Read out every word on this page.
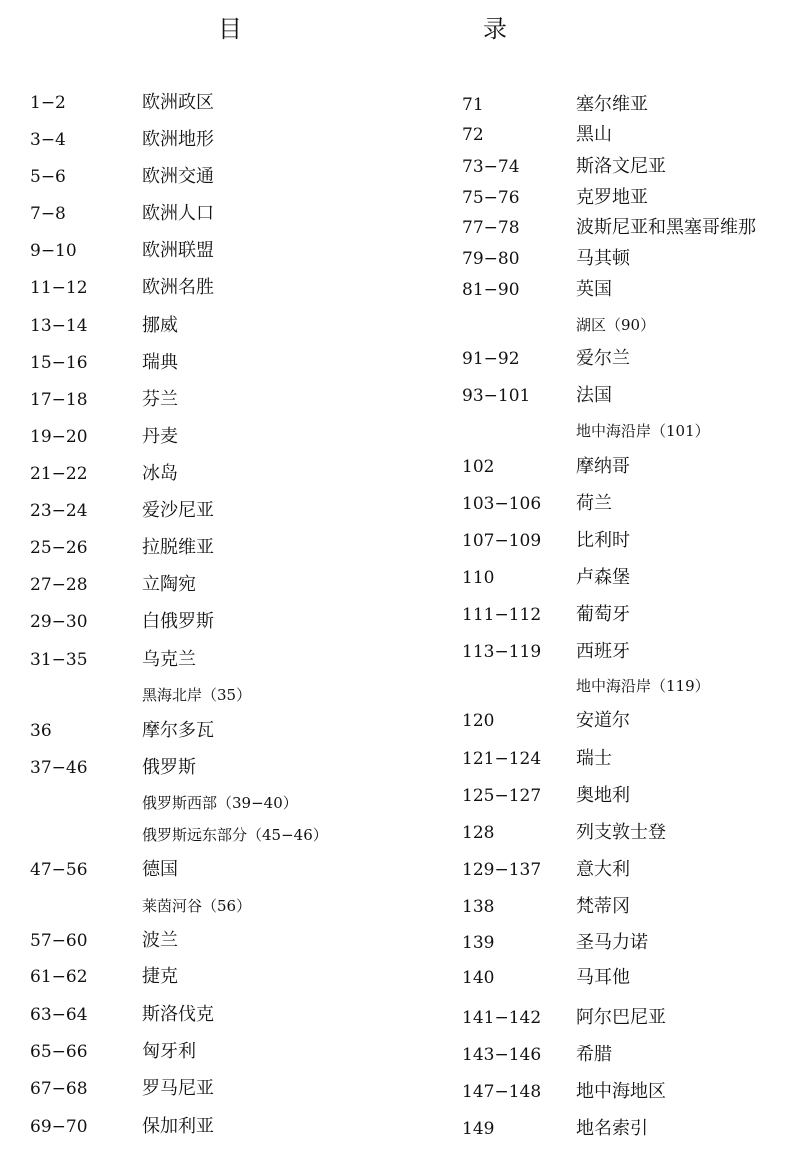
目	录
1−2	欧洲政区
3−4	欧洲地形
5−6	欧洲交通
7−8	欧洲人口
9−10	欧洲联盟
11−12	欧洲名胜
13−14	挪威
15−16	瑞典
17−18	芬兰
19−20	丹麦
21−22	冰岛
23−24	爱沙尼亚
25−26	拉脱维亚
27−28	立陶宛
29−30	白俄罗斯
31−35	乌克兰
黑海北岸（35）
36	摩尔多瓦
37−46	俄罗斯
俄罗斯西部（39−40）
俄罗斯远东部分（45−46）
47−56	德国
莱茵河谷（56）
57−60	波兰
61−62	捷克
63−64	斯洛伐克
65−66	匈牙利
67−68	罗马尼亚
69−70	保加利亚
71	塞尔维亚
72	黑山
73−74	斯洛文尼亚
75−76	克罗地亚
77−78	波斯尼亚和黑塞哥维那
79−80	马其顿
81−90	英国
湖区（90）
91−92	爱尔兰
93−101	法国
地中海沿岸（101）
102	摩纳哥
103−106 荷兰
107−109 比利时
110	卢森堡
111−112 葡萄牙
113−119 西班牙
地中海沿岸（119）
120	安道尔
121−124 瑞士
125−127 奥地利
128	列支敦士登
129−137 意大利
138	梵蒂冈
139	圣马力诺
140	马耳他
141−142 阿尔巴尼亚
143−146 希腊
147−148 地中海地区
149	地名索引
